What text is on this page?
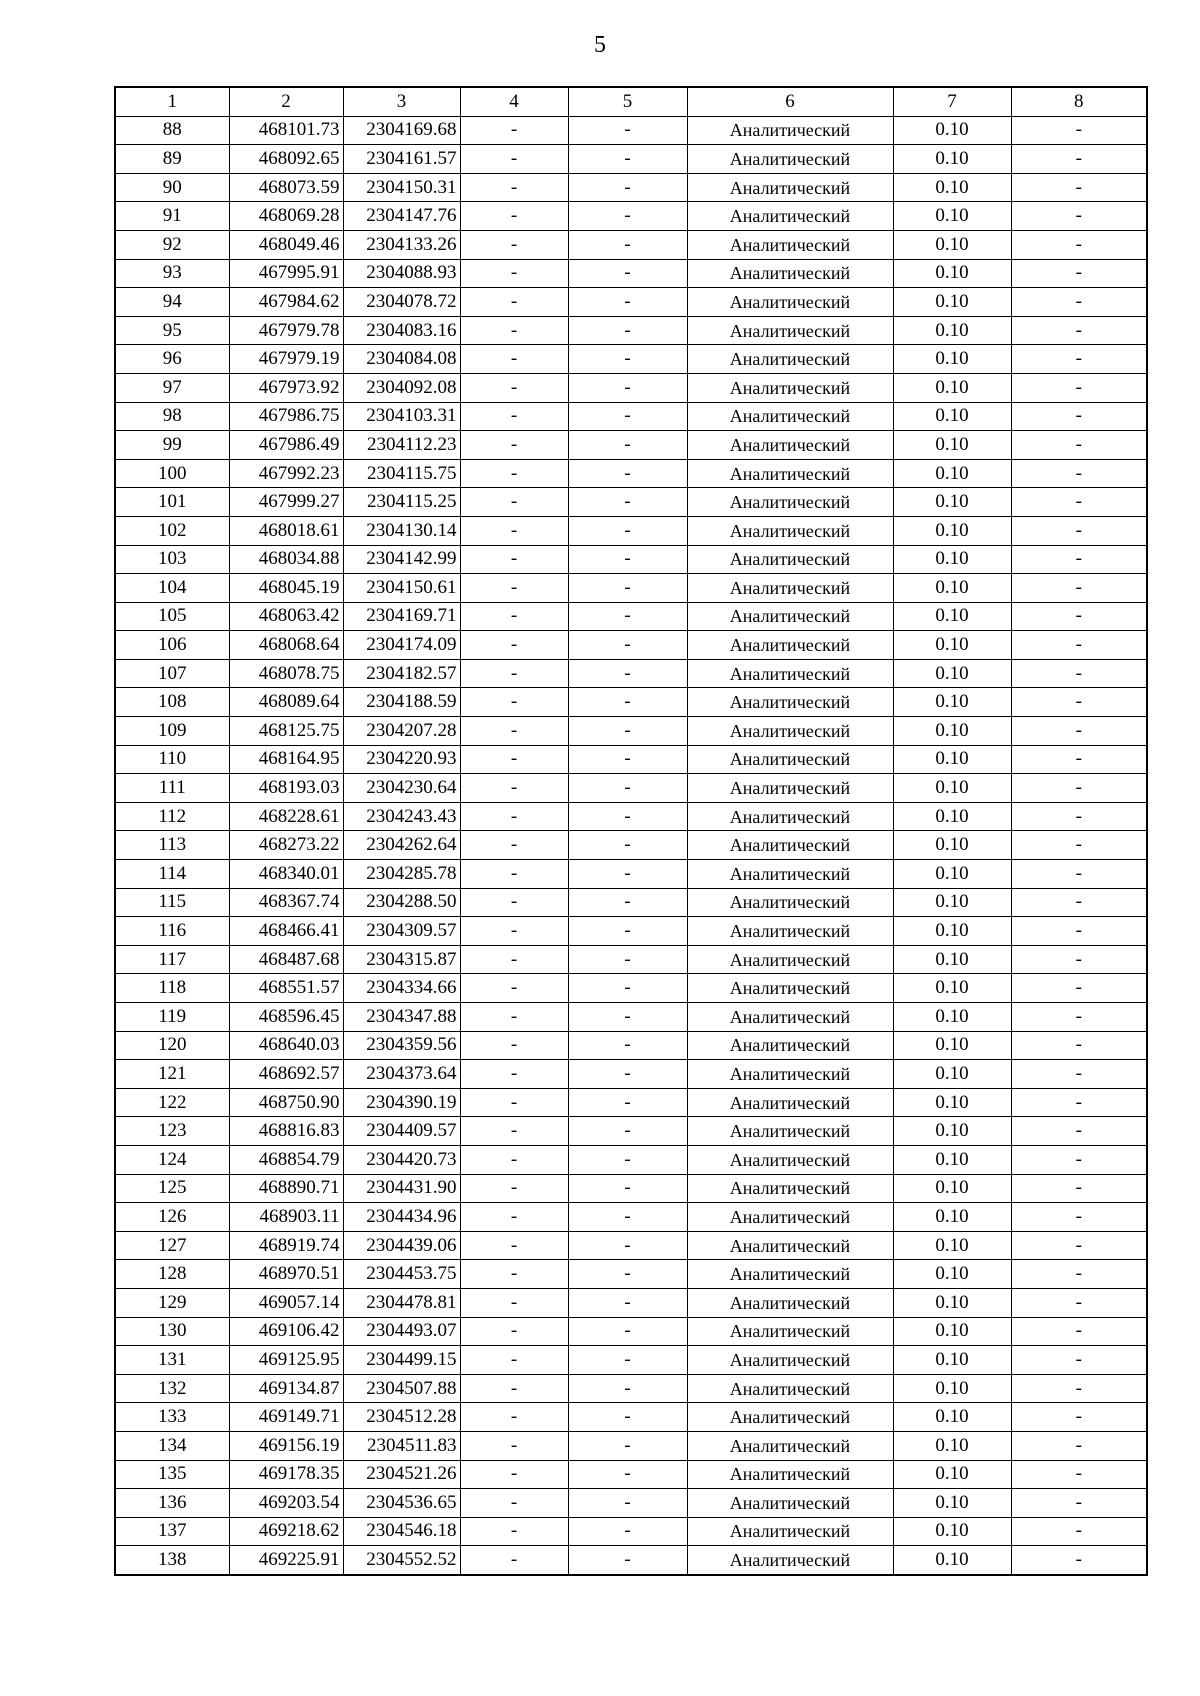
5
1	2	3	4	5	6	7	8
88	468101.73	2304169.68	-	-	Аналитический	0.10	-
89	468092.65	2304161.57	-	-	Аналитический	0.10	-
90	468073.59	2304150.31	-	-	Аналитический	0.10	-
91	468069.28	2304147.76	-	-	Аналитический	0.10	-
92	468049.46	2304133.26	-	-	Аналитический	0.10	-
93	467995.91	2304088.93	-	-	Аналитический	0.10	-
94	467984.62	2304078.72	-	-	Аналитический	0.10	-
95	467979.78	2304083.16	-	-	Аналитический	0.10	-
96	467979.19	2304084.08	-	-	Аналитический	0.10	-
97	467973.92	2304092.08	-	-	Аналитический	0.10	-
98	467986.75	2304103.31	-	-	Аналитический	0.10	-
99	467986.49	2304112.23	-	-	Аналитический	0.10	-
100	467992.23	2304115.75	-	-	Аналитический	0.10	-
101	467999.27	2304115.25	-	-	Аналитический	0.10	-
102	468018.61	2304130.14	-	-	Аналитический	0.10	-
103	468034.88	2304142.99	-	-	Аналитический	0.10	-
104	468045.19	2304150.61	-	-	Аналитический	0.10	-
105	468063.42	2304169.71	-	-	Аналитический	0.10	-
106	468068.64	2304174.09	-	-	Аналитический	0.10	-
107	468078.75	2304182.57	-	-	Аналитический	0.10	-
108	468089.64	2304188.59	-	-	Аналитический	0.10	-
109	468125.75	2304207.28	-	-	Аналитический	0.10	-
110	468164.95	2304220.93	-	-	Аналитический	0.10	-
111	468193.03	2304230.64	-	-	Аналитический	0.10	-
112	468228.61	2304243.43	-	-	Аналитический	0.10	-
113	468273.22	2304262.64	-	-	Аналитический	0.10	-
114	468340.01	2304285.78	-	-	Аналитический	0.10	-
115	468367.74	2304288.50	-	-	Аналитический	0.10	-
116	468466.41	2304309.57	-	-	Аналитический	0.10	-
117	468487.68	2304315.87	-	-	Аналитический	0.10	-
118	468551.57	2304334.66	-	-	Аналитический	0.10	-
119	468596.45	2304347.88	-	-	Аналитический	0.10	-
120	468640.03	2304359.56	-	-	Аналитический	0.10	-
121	468692.57	2304373.64	-	-	Аналитический	0.10	-
122	468750.90	2304390.19	-	-	Аналитический	0.10	-
123	468816.83	2304409.57	-	-	Аналитический	0.10	-
124	468854.79	2304420.73	-	-	Аналитический	0.10	-
125	468890.71	2304431.90	-	-	Аналитический	0.10	-
126	468903.11	2304434.96	-	-	Аналитический	0.10	-
127	468919.74	2304439.06	-	-	Аналитический	0.10	-
128	468970.51	2304453.75	-	-	Аналитический	0.10	-
129	469057.14	2304478.81	-	-	Аналитический	0.10	-
130	469106.42	2304493.07	-	-	Аналитический	0.10	-
131	469125.95	2304499.15	-	-	Аналитический	0.10	-
132	469134.87	2304507.88	-	-	Аналитический	0.10	-
133	469149.71	2304512.28	-	-	Аналитический	0.10	-
134	469156.19	2304511.83	-	-	Аналитический	0.10	-
135	469178.35	2304521.26	-	-	Аналитический	0.10	-
136	469203.54	2304536.65	-	-	Аналитический	0.10	-
137	469218.62	2304546.18	-	-	Аналитический	0.10	-
138	469225.91	2304552.52	-	-	Аналитический	0.10	-
